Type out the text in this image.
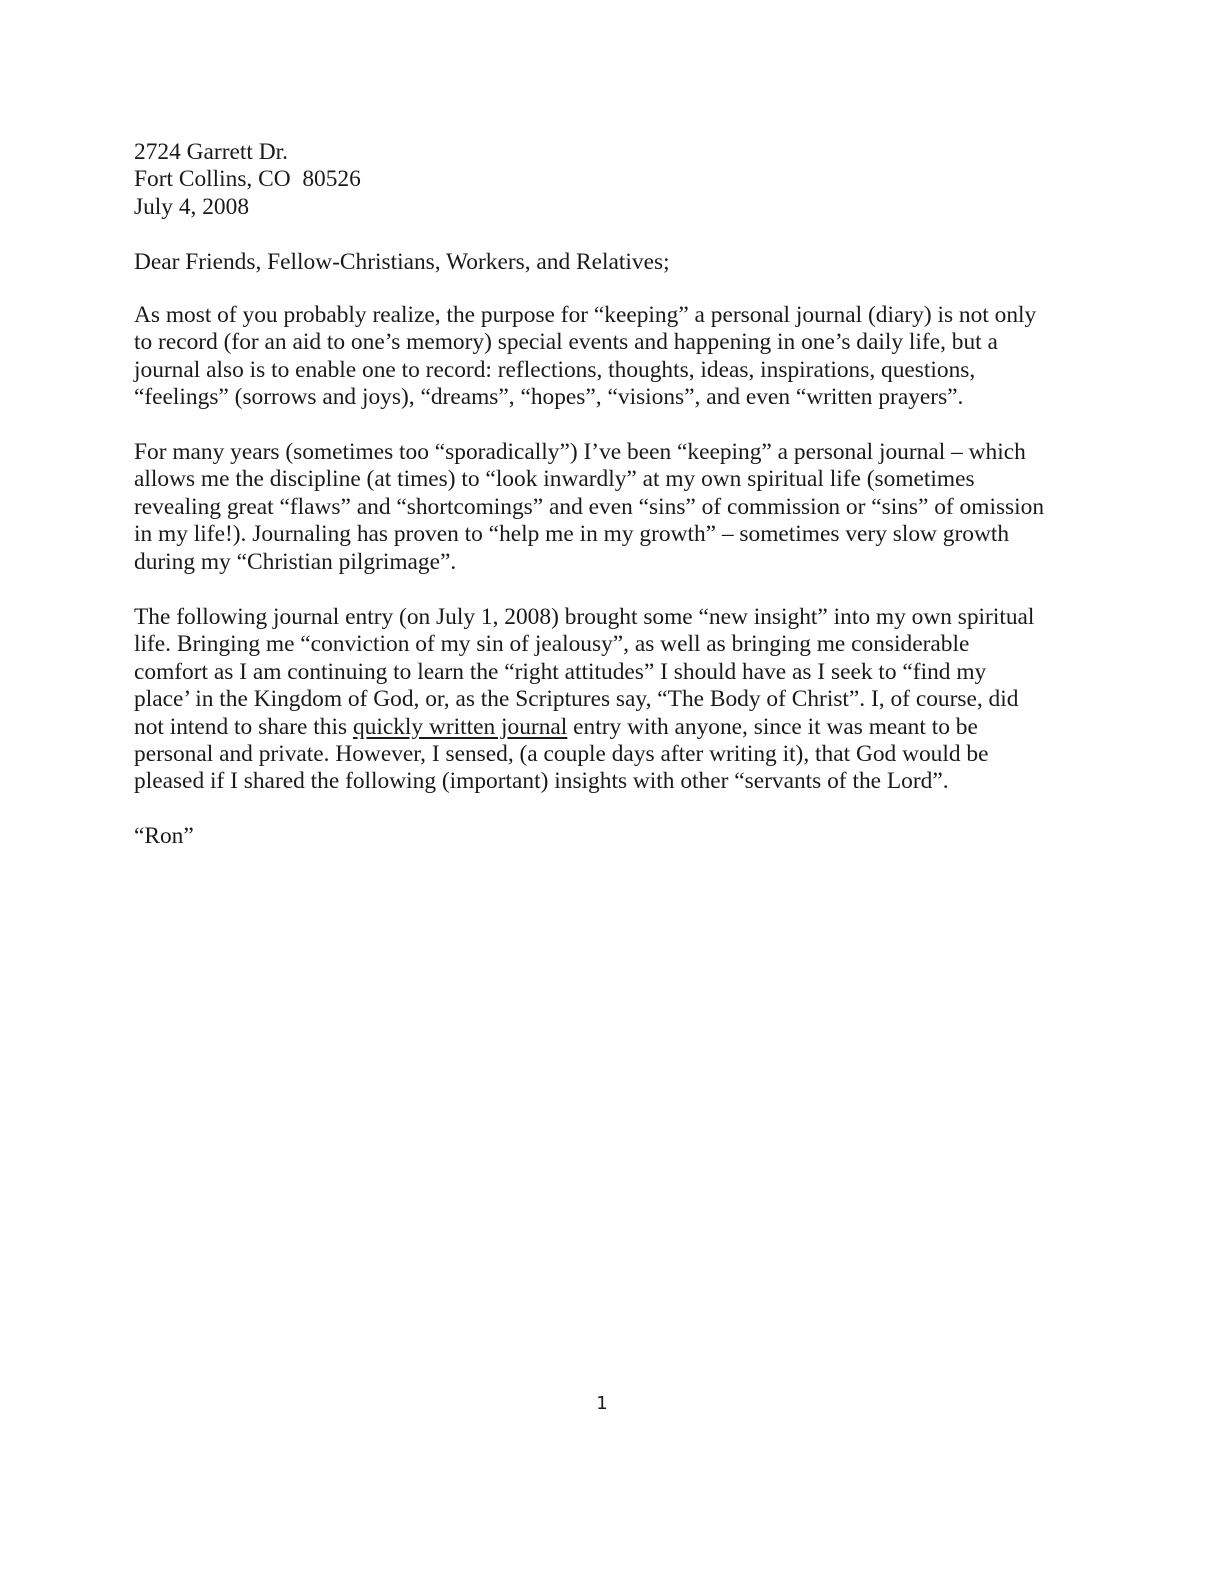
2724 Garrett Dr.
Fort Collins, CO  80526
July 4, 2008
Dear Friends, Fellow-Christians, Workers, and Relatives;
As most of you probably realize, the purpose for “keeping” a personal journal (diary) is not only
to record (for an aid to one’s memory) special events and happening in one’s daily life, but a
journal also is to enable one to record: reflections, thoughts, ideas, inspirations, questions,
“feelings” (sorrows and joys), “dreams”, “hopes”, “visions”, and even “written prayers”.
For many years (sometimes too “sporadically”) I’ve been “keeping” a personal journal – which
allows me the discipline (at times) to “look inwardly” at my own spiritual life (sometimes
revealing great “flaws” and “shortcomings” and even “sins” of commission or “sins” of omission
in my life!). Journaling has proven to “help me in my growth” – sometimes very slow growth
during my “Christian pilgrimage”.
The following journal entry (on July 1, 2008) brought some “new insight” into my own spiritual
life. Bringing me “conviction of my sin of jealousy”, as well as bringing me considerable
comfort as I am continuing to learn the “right attitudes” I should have as I seek to “find my
place’ in the Kingdom of God, or, as the Scriptures say, “The Body of Christ”. I, of course, did
not intend to share this quickly written journal entry with anyone, since it was meant to be
personal and private. However, I sensed, (a couple days after writing it), that God would be
pleased if I shared the following (important) insights with other “servants of the Lord”.
“Ron”
1
